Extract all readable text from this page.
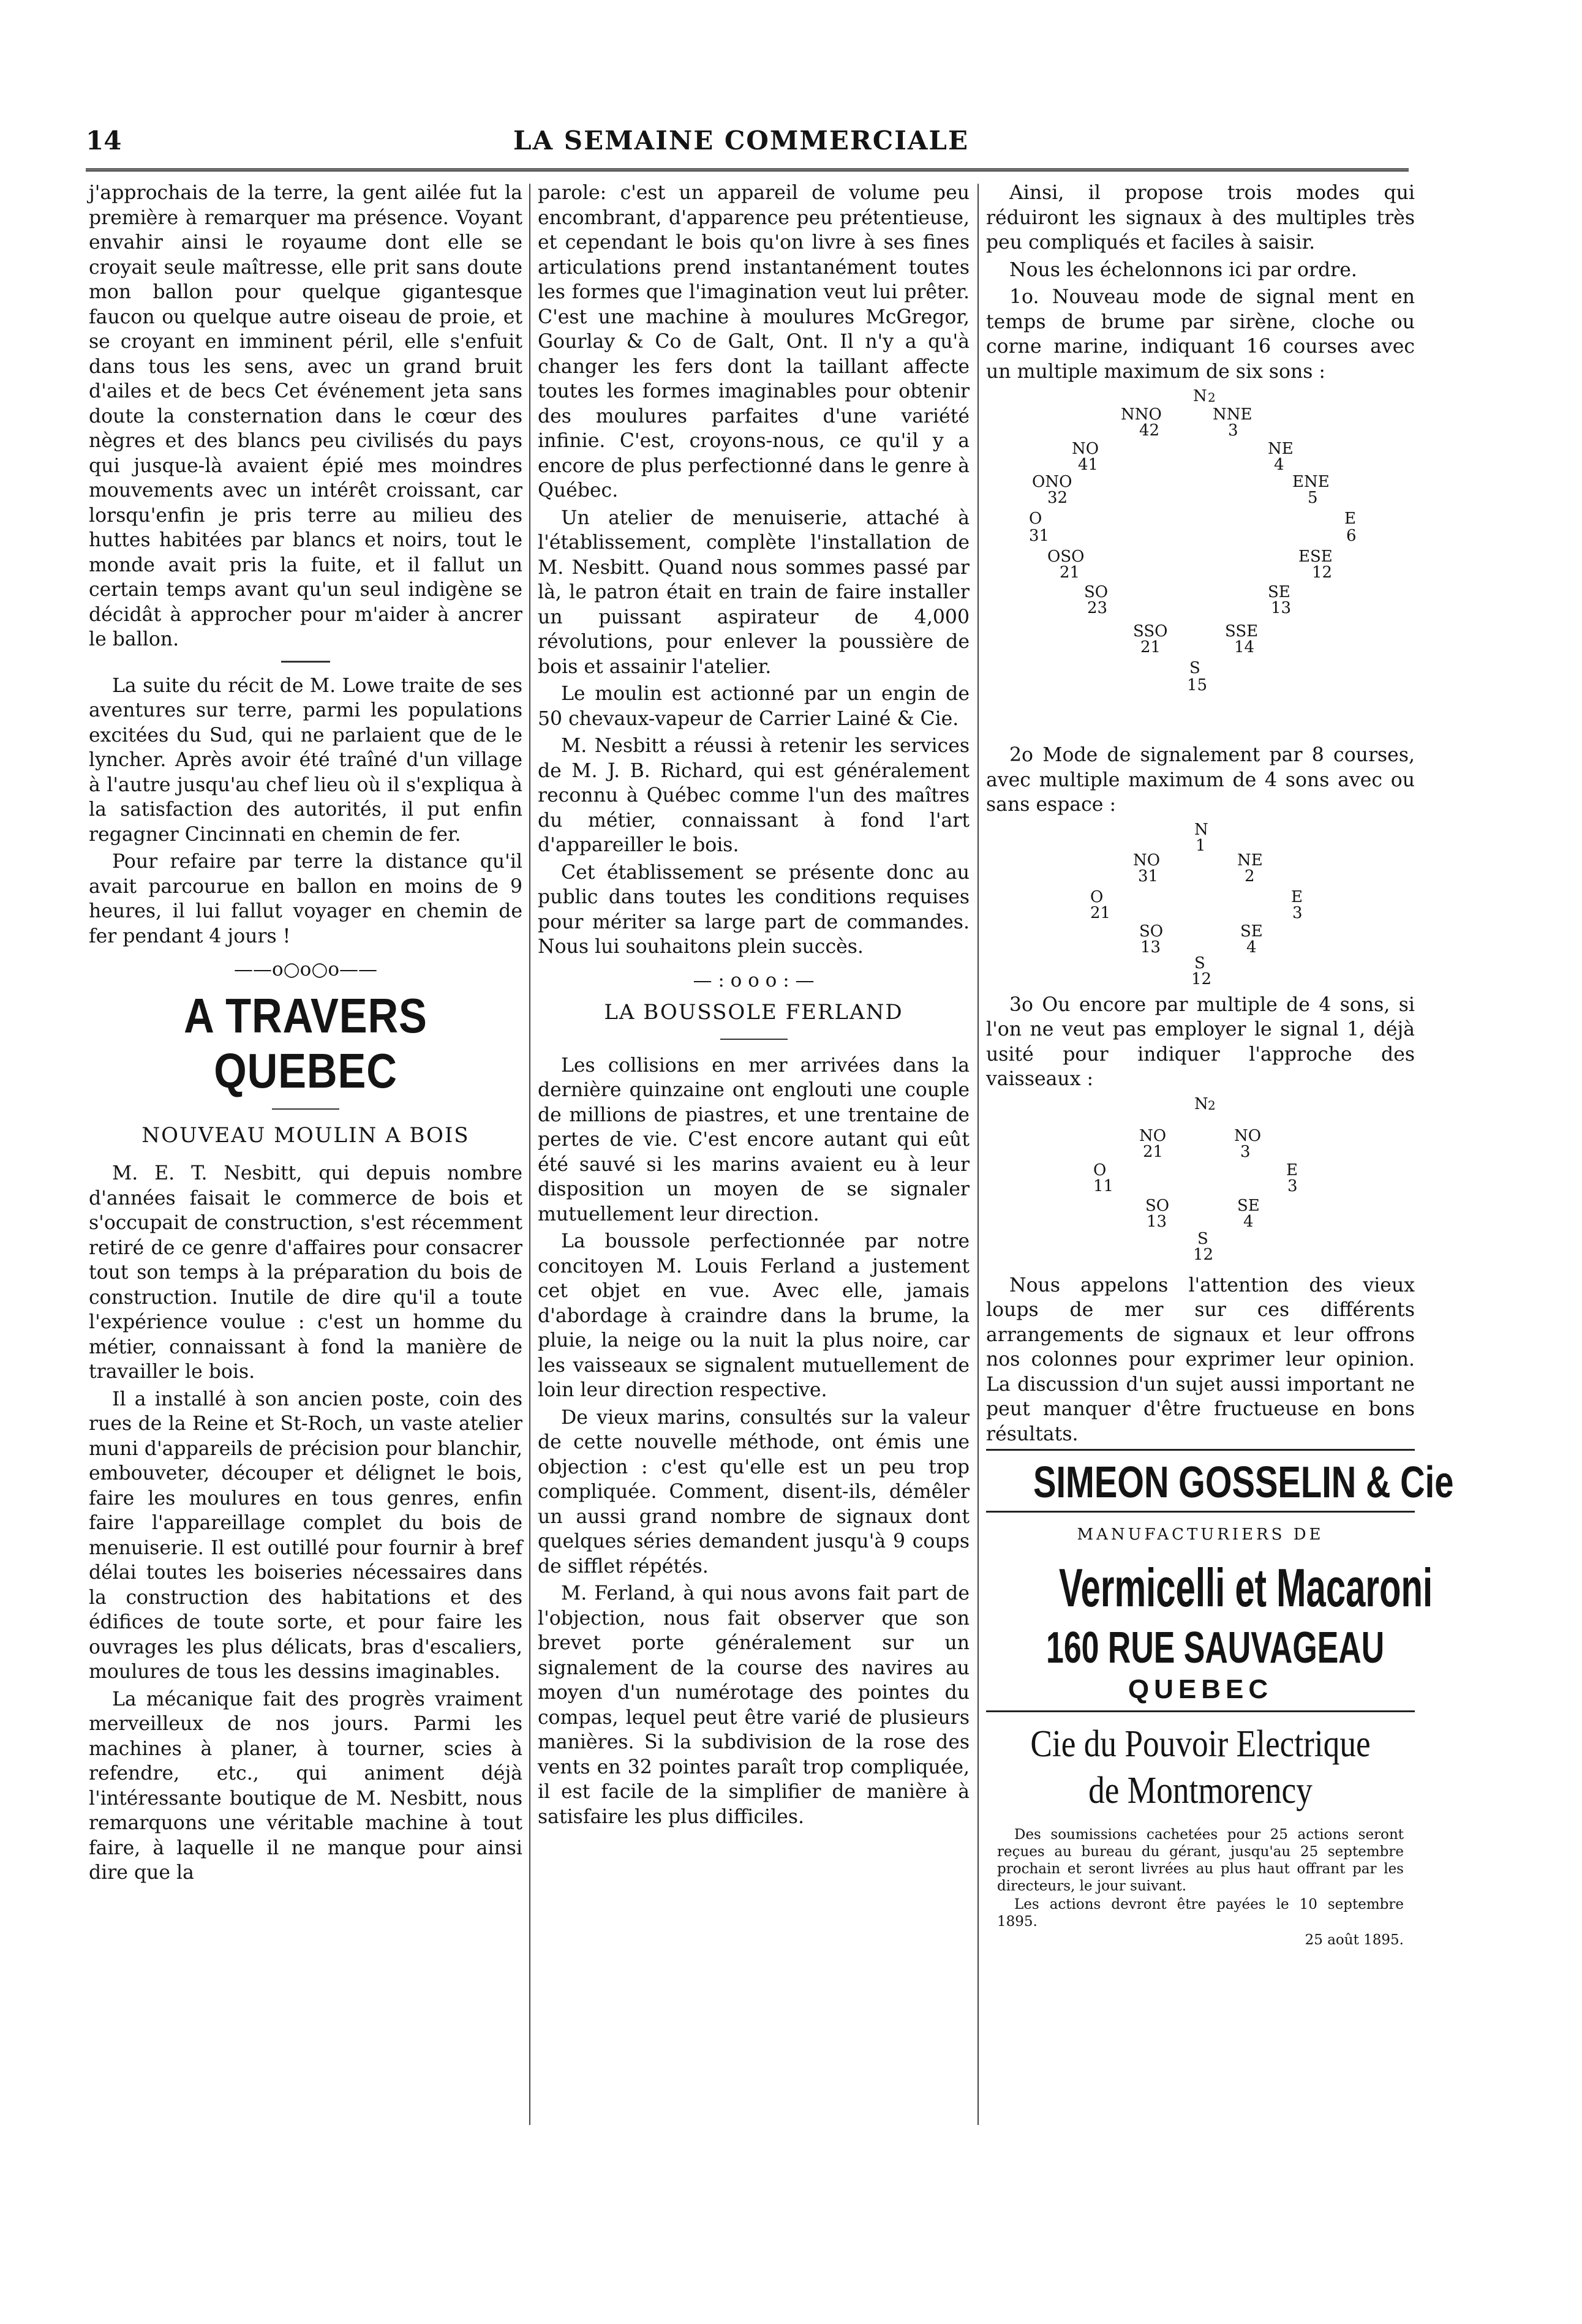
14	LA SEMAINE COMMERCIALE

j'approchais de la terre, la gent ailée fut la première à remarquer ma présence. Voyant envahir ainsi le royaume dont elle se croyait seule maîtresse, elle prit sans doute mon ballon pour quelque gigantesque faucon ou quelque autre oiseau de proie, et se croyant en imminent péril, elle s'enfuit dans tous les sens, avec un grand bruit d'ailes et de becs Cet événement jeta sans doute la consternation dans le cœur des nègres et des blancs peu civilisés du pays qui jusque-là avaient épié mes moindres mouvements avec un intérêt croissant, car lorsqu'enfin je pris terre au milieu des huttes habitées par blancs et noirs, tout le monde avait pris la fuite, et il fallut un certain temps avant qu'un seul indigène se décidât à approcher pour m'aider à ancrer le ballon.

La suite du récit de M. Lowe traite de ses aventures sur terre, parmi les populations excitées du Sud, qui ne parlaient que de le lyncher. Après avoir été traîné d'un village à l'autre jusqu'au chef lieu où il s'expliqua à la satisfaction des autorités, il put enfin regagner Cincinnati en chemin de fer.

Pour refaire par terre la distance qu'il avait parcourue en ballon en moins de 9 heures, il lui fallut voyager en chemin de fer pendant 4 jours !

——o○o○o——
A TRAVERS QUEBEC
NOUVEAU MOULIN A BOIS

M. E. T. Nesbitt, qui depuis nombre d'années faisait le commerce de bois et s'occupait de construction, s'est récemment retiré de ce genre d'affaires pour consacrer tout son temps à la préparation du bois de construction. Inutile de dire qu'il a toute l'expérience voulue : c'est un homme du métier, connaissant à fond la manière de travailler le bois.

Il a installé à son ancien poste, coin des rues de la Reine et St-Roch, un vaste atelier muni d'appareils de précision pour blanchir, embouveter, découper et délignet le bois, faire les moulures en tous genres, enfin faire l'appareillage complet du bois de menuiserie. Il est outillé pour fournir à bref délai toutes les boiseries nécessaires dans la construction des habitations et des édifices de toute sorte, et pour faire les ouvrages les plus délicats, bras d'escaliers, moulures de tous les dessins imaginables.

La mécanique fait des progrès vraiment merveilleux de nos jours. Parmi les machines à planer, à tourner, scies à refendre, etc., qui animent déjà l'intéressante boutique de M. Nesbitt, nous remarquons une véritable machine à tout faire, à laquelle il ne manque pour ainsi dire que la

parole: c'est un appareil de volume peu encombrant, d'apparence peu prétentieuse, et cependant le bois qu'on livre à ses fines articulations prend instantanément toutes les formes que l'imagination veut lui prêter. C'est une machine à moulures McGregor, Gourlay & Co de Galt, Ont. Il n'y a qu'à changer les fers dont la taillant affecte toutes les formes imaginables pour obtenir des moulures parfaites d'une variété infinie. C'est, croyons-nous, ce qu'il y a encore de plus perfectionné dans le genre à Québec.

Un atelier de menuiserie, attaché à l'établissement, complète l'installation de M. Nesbitt. Quand nous sommes passé par là, le patron était en train de faire installer un puissant aspirateur de 4,000 révolutions, pour enlever la poussière de bois et assainir l'atelier.

Le moulin est actionné par un engin de 50 chevaux-vapeur de Carrier Lainé & Cie.

M. Nesbitt a réussi à retenir les services de M. J. B. Richard, qui est généralement reconnu à Québec comme l'un des maîtres du métier, connaissant à fond l'art d'appareiller le bois.

Cet établissement se présente donc au public dans toutes les conditions requises pour mériter sa large part de commandes. Nous lui souhaitons plein succès.

— : o o o : —
LA BOUSSOLE FERLAND

Les collisions en mer arrivées dans la dernière quinzaine ont englouti une couple de millions de piastres, et une trentaine de pertes de vie. C'est encore autant qui eût été sauvé si les marins avaient eu à leur disposition un moyen de se signaler mutuellement leur direction.

La boussole perfectionnée par notre concitoyen M. Louis Ferland a justement cet objet en vue. Avec elle, jamais d'abordage à craindre dans la brume, la pluie, la neige ou la nuit la plus noire, car les vaisseaux se signalent mutuellement de loin leur direction respective.

De vieux marins, consultés sur la valeur de cette nouvelle méthode, ont émis une objection : c'est qu'elle est un peu trop compliquée. Comment, disent-ils, démêler un aussi grand nombre de signaux dont quelques séries demandent jusqu'à 9 coups de sifflet répétés.

M. Ferland, à qui nous avons fait part de l'objection, nous fait observer que son brevet porte généralement sur un signalement de la course des navires au moyen d'un numérotage des pointes du compas, lequel peut être varié de plusieurs manières. Si la subdivision de la rose des vents en 32 pointes paraît trop compliquée, il est facile de la simplifier de manière à satisfaire les plus difficiles.

Ainsi, il propose trois modes qui réduiront les signaux à des multiples très peu compliqués et faciles à saisir.

Nous les échelonnons ici par ordre.

1o. Nouveau mode de signal ment en temps de brume par sirène, cloche ou corne marine, indiquant 16 courses avec un multiple maximum de six sons :

N 2
NNO
42
NNE
3
NO
41
NE
4
ONO
32
ENE
5
O
31
E
6
OSO
21
ESE
12
SO
23
SE
13
SSO
21
SSE
14
S
15

2o Mode de signalement par 8 courses, avec multiple maximum de 4 sons avec ou sans espace :

N
1
NO
31
NE
2
O
21
E
3
SO
13
SE
4
S
12

3o Ou encore par multiple de 4 sons, si l'on ne veut pas employer le signal 1, déjà usité pour indiquer l'approche des vaisseaux :

N 2
NO
21
NO
3
O
11
E
3
SO
13
SE
4
S
12

Nous appelons l'attention des vieux loups de mer sur ces différents arrangements de signaux et leur offrons nos colonnes pour exprimer leur opinion. La discussion d'un sujet aussi important ne peut manquer d'être fructueuse en bons résultats.

SIMEON GOSSELIN & Cie
MANUFACTURIERS DE
Vermicelli et Macaroni
160 RUE SAUVAGEAU
QUEBEC
Cie du Pouvoir Electrique de Montmorency

Des soumissions cachetées pour 25 actions seront reçues au bureau du gérant, jusqu'au 25 septembre prochain et seront livrées au plus haut offrant par les directeurs, le jour suivant.

Les actions devront être payées le 10 septembre 1895.

25 août 1895.
